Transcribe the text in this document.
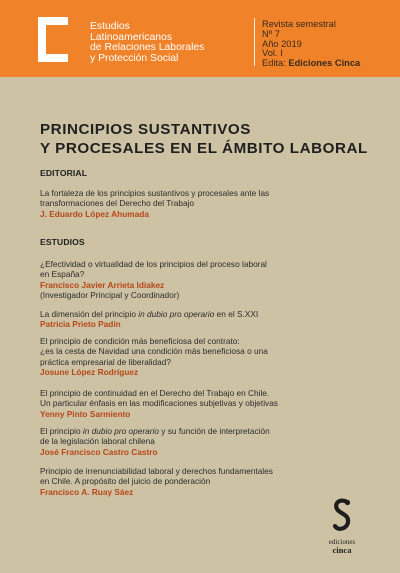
Estudios
Latinoamericanos
de Relaciones Laborales
y Protección Social
Revista semestral
Nº 7
Año 2019
Vol. I
Edita: Ediciones Cinca
PRINCIPIOS SUSTANTIVOS
Y PROCESALES EN EL ÁMBITO LABORAL
EDITORIAL
La fortaleza de los principios sustantivos y procesales ante las
transformaciones del Derecho del Trabajo
J. Eduardo López Ahumada
ESTUDIOS
¿Efectividad o virtualidad de los principios del proceso laboral
en España?
Francisco Javier Arrieta Idiakez
(Investigador Principal y Coordinador)
La dimensión del principio in dubio pro operario en el S.XXI
Patricia Prieto Padín
El principio de condición más beneficiosa del contrato:
¿es la cesta de Navidad una condición más beneficiosa o una
práctica empresarial de liberalidad?
Josune López Rodríguez
El principio de continuidad en el Derecho del Trabajo en Chile.
Un particular énfasis en las modificaciones subjetivas y objetivas
Yenny Pinto Sarmiento
El principio in dubio pro operario y su función de interpretación
de la legislación laboral chilena
José Francisco Castro Castro
Principio de irrenunciabilidad laboral y derechos fundamentales
en Chile. A propósito del juicio de ponderación
Francisco A. Ruay Sáez
ediciones
cinca
